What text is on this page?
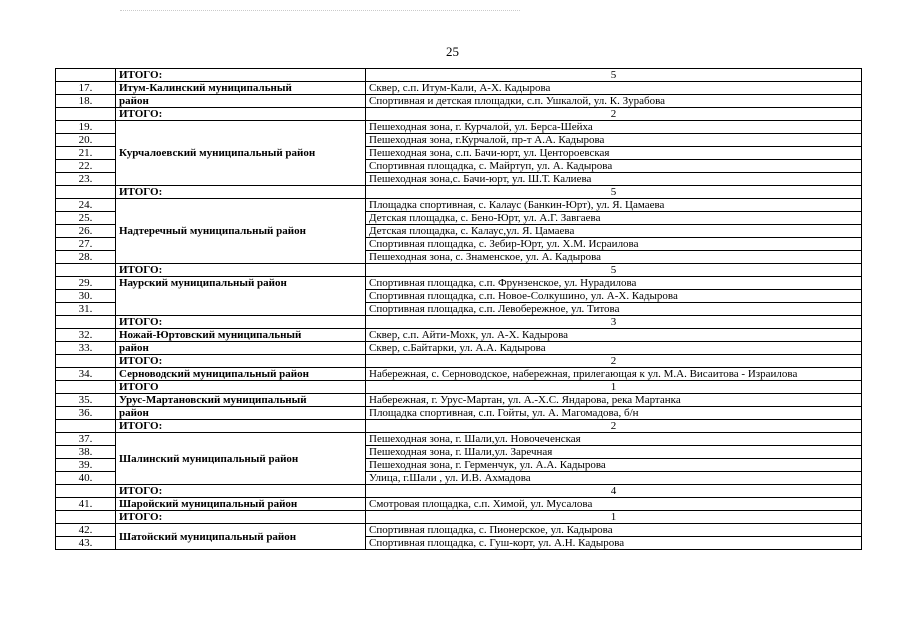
25
	ИТОГО:	5
17.	Итум-Калинский муниципальный	Сквер, с.п. Итум-Кали, А-Х. Кадырова
18.	район	Спортивная и детская площадки, с.п. Ушкалой, ул. К. Зурабова
	ИТОГО:	2
19.	Курчалоевский муниципальный район	Пешеходная зона, г. Курчалой, ул. Берса-Шейха
20.		Пешеходная зона, г.Курчалой, пр-т А.А. Кадырова
21.		Пешеходная зона, с.п. Бачи-юрт, ул. Центороевская
22.		Спортивная площадка, с. Майртуп, ул. А. Кадырова
23.		Пешеходная зона,с. Бачи-юрт, ул. Ш.Т. Калиева
	ИТОГО:	5
24.	Надтеречный муниципальный район	Площадка спортивная, с. Калаус (Банкин-Юрт), ул. Я. Цамаева
25.		Детская площадка, с. Бено-Юрт, ул. А.Г. Завгаева
26.		Детская площадка, с. Калаус,ул. Я. Цамаева
27.		Спортивная площадка, с. Зебир-Юрт, ул. Х.М. Исраилова
28.		Пешеходная зона, с. Знаменское, ул. А. Кадырова
	ИТОГО:	5
29.	Наурский муниципальный район	Спортивная площадка, с.п. Фрунзенское, ул. Нурадилова
30.		Спортивная площадка, с.п. Новое-Солкушино, ул. А-Х. Кадырова
31.		Спортивная площадка, с.п. Левобережное, ул. Титова
	ИТОГО:	3
32.	Ножай-Юртовский муниципальный	Сквер, с.п. Айти-Мохк, ул. А-Х. Кадырова
33.	район	Сквер, с.Байтарки, ул. А.А. Кадырова
	ИТОГО:	2
34.	Серноводский муниципальный район	Набережная, с. Серноводское, набережная, прилегающая к ул. М.А. Висаитова - Израилова
	ИТОГО	1
35.	Урус-Мартановский муниципальный	Набережная, г. Урус-Мартан, ул. А.-Х.С. Яндарова, река Мартанка
36.	район	Площадка спортивная, с.п. Гойты, ул. А. Магомадова, б/н
	ИТОГО:	2
37.	Шалинский муниципальный район	Пешеходная зона, г. Шали,ул. Новочеченская
38.		Пешеходная зона, г. Шали,ул. Заречная
39.		Пешеходная зона, г. Герменчук, ул. А.А. Кадырова
40.		Улица, г.Шали , ул. И.В. Ахмадова
	ИТОГО:	4
41.	Шаройский муниципальный район	Смотровая площадка, с.п. Химой, ул. Мусалова
	ИТОГО:	1
42.	Шатойский муниципальный район	Спортивная площадка, с. Пионерское, ул. Кадырова
43.		Спортивная площадка, с. Гуш-корт, ул. А.Н. Кадырова
